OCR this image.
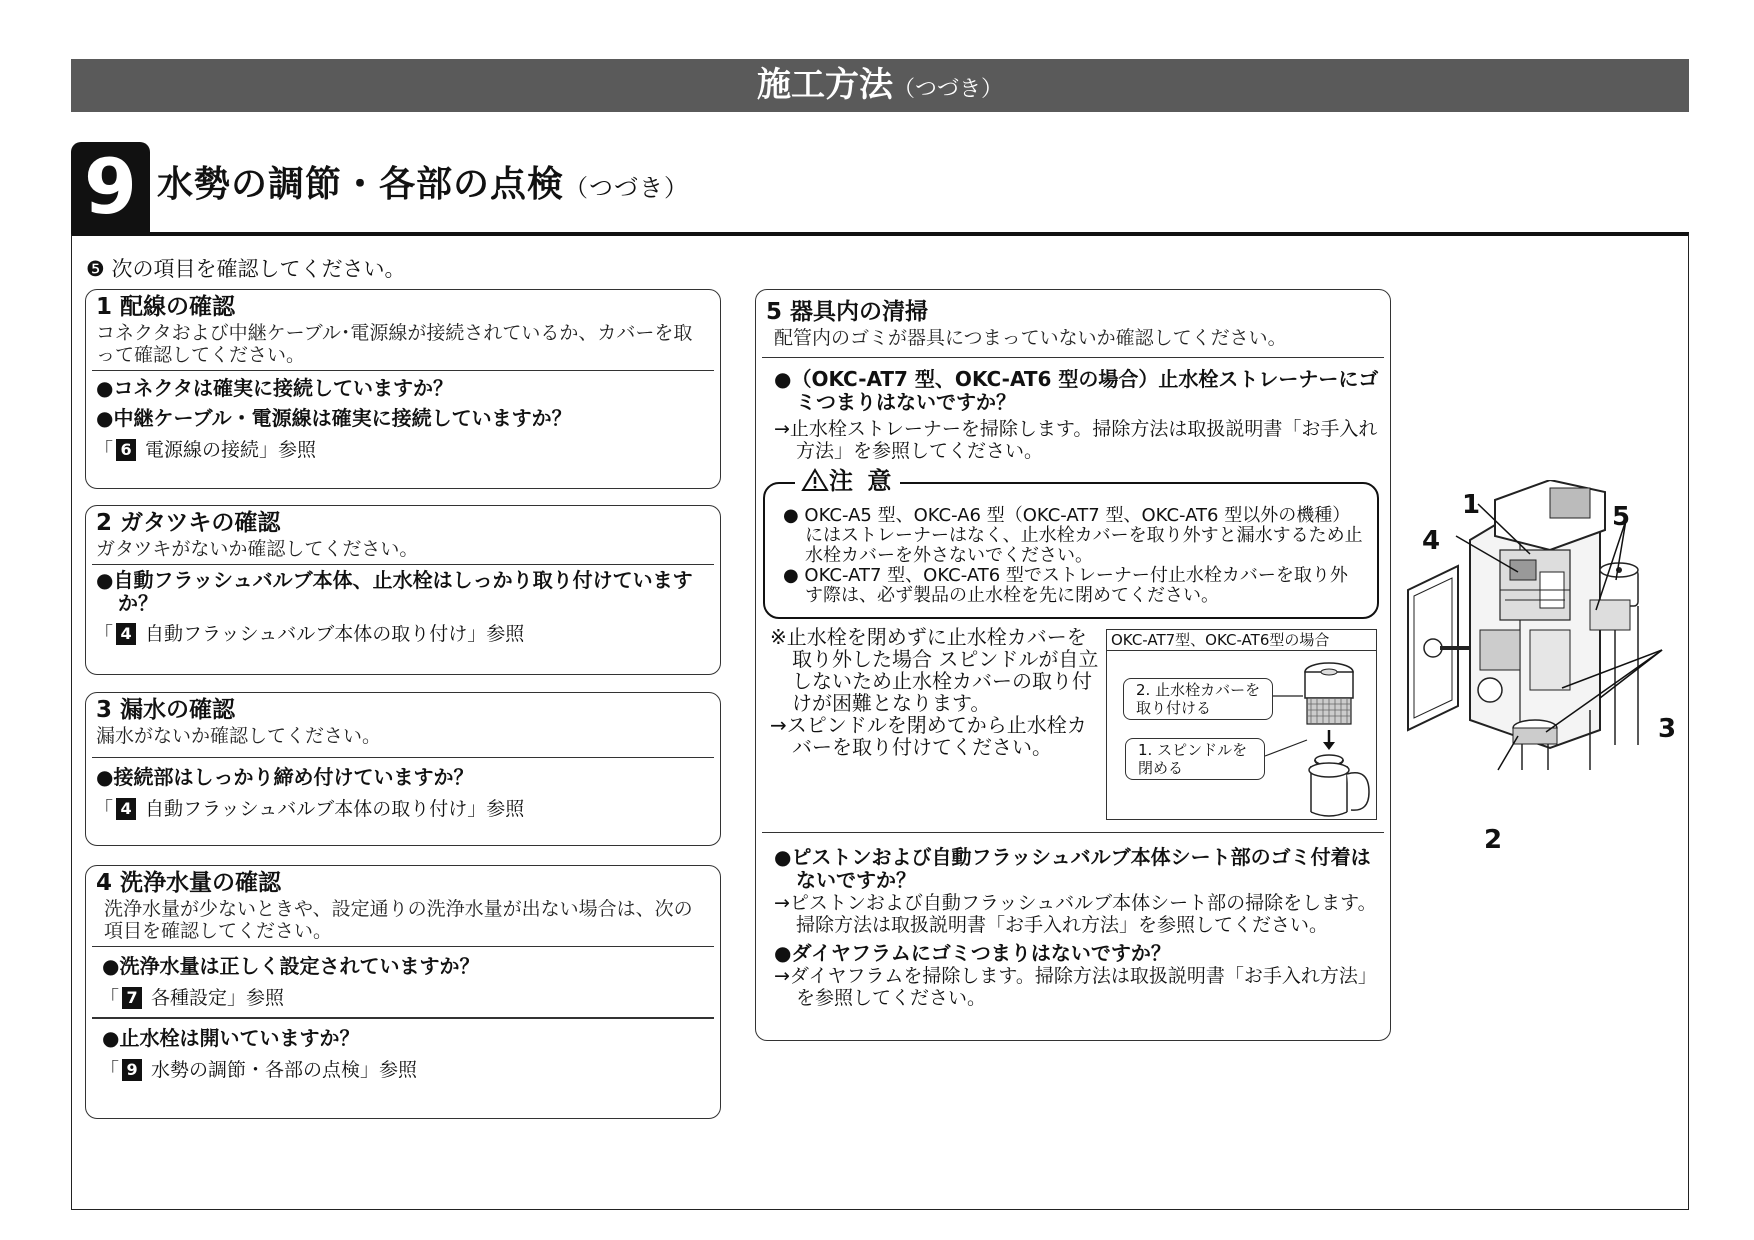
施工方法（つづき）
9 水勢の調節・各部の点検（つづき）
❺ 次の項目を確認してください。
1 配線の確認
コネクタおよび中継ケーブル･電源線が接続されているか、カバーを取って確認してください。
●コネクタは確実に接続していますか？
●中継ケーブル・電源線は確実に接続していますか？
「 6 電源線の接続」参照
2 ガタツキの確認
ガタツキがないか確認してください。
●自動フラッシュバルブ本体、止水栓はしっかり取り付けていますか？
「 4 自動フラッシュバルブ本体の取り付け」参照
3 漏水の確認
漏水がないか確認してください。
●接続部はしっかり締め付けていますか？
「 4 自動フラッシュバルブ本体の取り付け」参照
4 洗浄水量の確認
洗浄水量が少ないときや、設定通りの洗浄水量が出ない場合は、次の項目を確認してください。
●洗浄水量は正しく設定されていますか？
「 7 各種設定」参照
●止水栓は開いていますか？
「 9 水勢の調節・各部の点検」参照
5 器具内の清掃
配管内のゴミが器具につまっていないか確認してください。
●（OKC-AT7 型、OKC-AT6 型の場合）止水栓ストレーナーにゴミつまりはないですか？
→止水栓ストレーナーを掃除します。掃除方法は取扱説明書「お手入れ方法」を参照してください。
●ピストンおよび自動フラッシュバルブ本体シート部のゴミ付着はないですか？
→ピストンおよび自動フラッシュバルブ本体シート部の掃除をします。掃除方法は取扱説明書「お手入れ方法」を参照してください。
●ダイヤフラムにゴミつまりはないですか？
→ダイヤフラムを掃除します。掃除方法は取扱説明書「お手入れ方法」を参照してください。
注 意
● OKC-A5 型、OKC-A6 型（OKC-AT7 型、OKC-AT6 型以外の機種）にはストレーナーはなく、止水栓カバーを取り外すと漏水するため止水栓カバーを外さないでください。
● OKC-AT7 型、OKC-AT6 型でストレーナー付止水栓カバーを取り外す際は、必ず製品の止水栓を先に閉めてください。
※止水栓を閉めずに止水栓カバーを取り外した場合 スピンドルが自立しないため止水栓カバーの取り付けが困難となります。
→スピンドルを閉めてから止水栓カバーを取り付けてください。
OKC-AT7型、OKC-AT6型の場合
2. 止水栓カバーを
取り付ける
1. スピンドルを
閉める
1
4
5
3
2
